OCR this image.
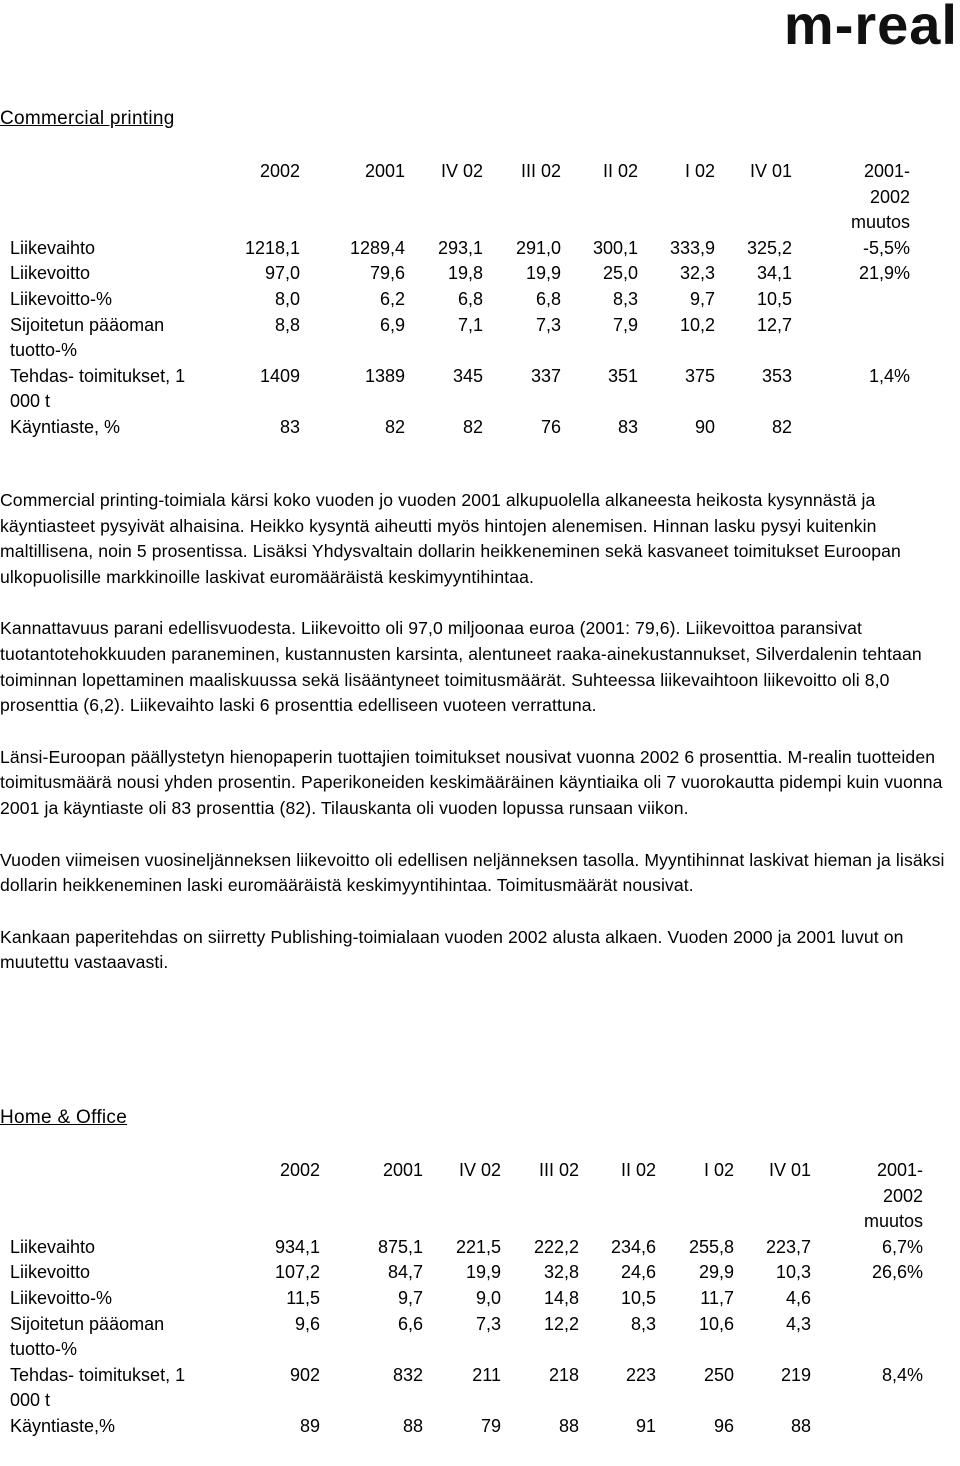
m-real
Commercial printing
	2002	2001	IV 02	III 02	II 02	I 02	IV 01	2001-2002 muutos
Liikevaihto	1218,1	1289,4	293,1	291,0	300,1	333,9	325,2	-5,5%
Liikevoitto	97,0	79,6	19,8	19,9	25,0	32,3	34,1	21,9%
Liikevoitto-%	8,0	6,2	6,8	6,8	8,3	9,7	10,5	
Sijoitetun pääoman tuotto-%	8,8	6,9	7,1	7,3	7,9	10,2	12,7	
Tehdas- toimitukset, 1 000 t	1409	1389	345	337	351	375	353	1,4%
Käyntiaste, %	83	82	82	76	83	90	82	

Commercial printing-toimiala kärsi koko vuoden jo vuoden 2001 alkupuolella alkaneesta heikosta kysynnästä ja käyntiasteet pysyivät alhaisina. Heikko kysyntä aiheutti myös hintojen alenemisen. Hinnan lasku pysyi kuitenkin maltillisena, noin 5 prosentissa. Lisäksi Yhdysvaltain dollarin heikkeneminen sekä kasvaneet toimitukset Euroopan ulkopuolisille markkinoille laskivat euromääräistä keskimyyntihintaa.

Kannattavuus parani edellisvuodesta. Liikevoitto oli 97,0 miljoonaa euroa (2001: 79,6). Liikevoittoa paransivat tuotantotehokkuuden paraneminen, kustannusten karsinta, alentuneet raaka-ainekustannukset, Silverdalenin tehtaan toiminnan lopettaminen maaliskuussa sekä lisääntyneet toimitusmäärät. Suhteessa liikevaihtoon liikevoitto oli 8,0 prosenttia (6,2). Liikevaihto laski 6 prosenttia edelliseen vuoteen verrattuna.

Länsi-Euroopan päällystetyn hienopaperin tuottajien toimitukset nousivat vuonna 2002 6 prosenttia. M-realin tuotteiden toimitusmäärä nousi yhden prosentin. Paperikoneiden keskimääräinen käyntiaika oli 7 vuorokautta pidempi kuin vuonna 2001 ja käyntiaste oli 83 prosenttia (82). Tilauskanta oli vuoden lopussa runsaan viikon.

Vuoden viimeisen vuosineljänneksen liikevoitto oli edellisen neljänneksen tasolla. Myyntihinnat laskivat hieman ja lisäksi dollarin heikkeneminen laski euromääräistä keskimyyntihintaa. Toimitusmäärät nousivat.

Kankaan paperitehdas on siirretty Publishing-toimialaan vuoden 2002 alusta alkaen. Vuoden 2000 ja 2001 luvut on muutettu vastaavasti.

Home & Office
	2002	2001	IV 02	III 02	II 02	I 02	IV 01	2001-2002 muutos
Liikevaihto	934,1	875,1	221,5	222,2	234,6	255,8	223,7	6,7%
Liikevoitto	107,2	84,7	19,9	32,8	24,6	29,9	10,3	26,6%
Liikevoitto-%	11,5	9,7	9,0	14,8	10,5	11,7	4,6	
Sijoitetun pääoman tuotto-%	9,6	6,6	7,3	12,2	8,3	10,6	4,3	
Tehdas- toimitukset, 1 000 t	902	832	211	218	223	250	219	8,4%
Käyntiaste,%	89	88	79	88	91	96	88	
